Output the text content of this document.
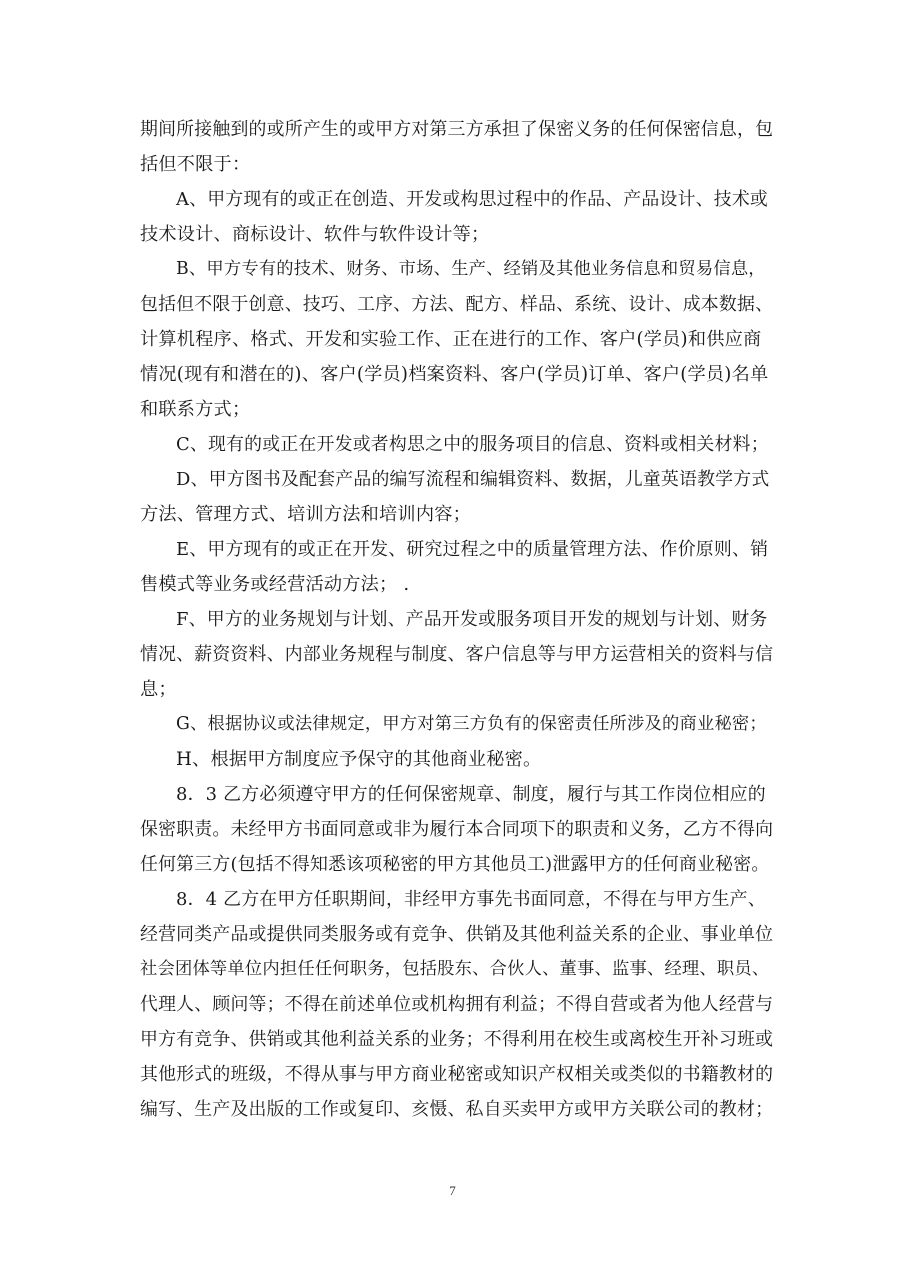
期间所接触到的或所产生的或甲方对第三方承担了保密义务的任何保密信息，包
括但不限于：
A、甲方现有的或正在创造、开发或构思过程中的作品、产品设计、技术或
技术设计、商标设计、软件与软件设计等；
B、甲方专有的技术、财务、市场、生产、经销及其他业务信息和贸易信息，
包括但不限于创意、技巧、工序、方法、配方、样品、系统、设计、成本数据、
计算机程序、格式、开发和实验工作、正在进行的工作、客户(学员)和供应商
情况(现有和潜在的)、客户(学员)档案资料、客户(学员)订单、客户(学员)名单
和联系方式；
C、现有的或正在开发或者构思之中的服务项目的信息、资料或相关材料；
D、甲方图书及配套产品的编写流程和编辑资料、数据，儿童英语教学方式
方法、管理方式、培训方法和培训内容；
E、甲方现有的或正在开发、研究过程之中的质量管理方法、作价原则、销
售模式等业务或经营活动方法； .
F、甲方的业务规划与计划、产品开发或服务项目开发的规划与计划、财务
情况、薪资资料、内部业务规程与制度、客户信息等与甲方运营相关的资料与信
息；
G、根据协议或法律规定，甲方对第三方负有的保密责任所涉及的商业秘密；
H、根据甲方制度应予保守的其他商业秘密。
8．3 乙方必须遵守甲方的任何保密规章、制度，履行与其工作岗位相应的
保密职责。未经甲方书面同意或非为履行本合同项下的职责和义务，乙方不得向
任何第三方(包括不得知悉该项秘密的甲方其他员工)泄露甲方的任何商业秘密。
8．4 乙方在甲方任职期间，非经甲方事先书面同意，不得在与甲方生产、
经营同类产品或提供同类服务或有竞争、供销及其他利益关系的企业、事业单位
社会团体等单位内担任任何职务，包括股东、合伙人、董事、监事、经理、职员、
代理人、顾问等；不得在前述单位或机构拥有利益；不得自营或者为他人经营与
甲方有竞争、供销或其他利益关系的业务；不得利用在校生或离校生开补习班或
其他形式的班级，不得从事与甲方商业秘密或知识产权相关或类似的书籍教材的
编写、生产及出版的工作或复印、亥慑、私自买卖甲方或甲方关联公司的教材；
7
